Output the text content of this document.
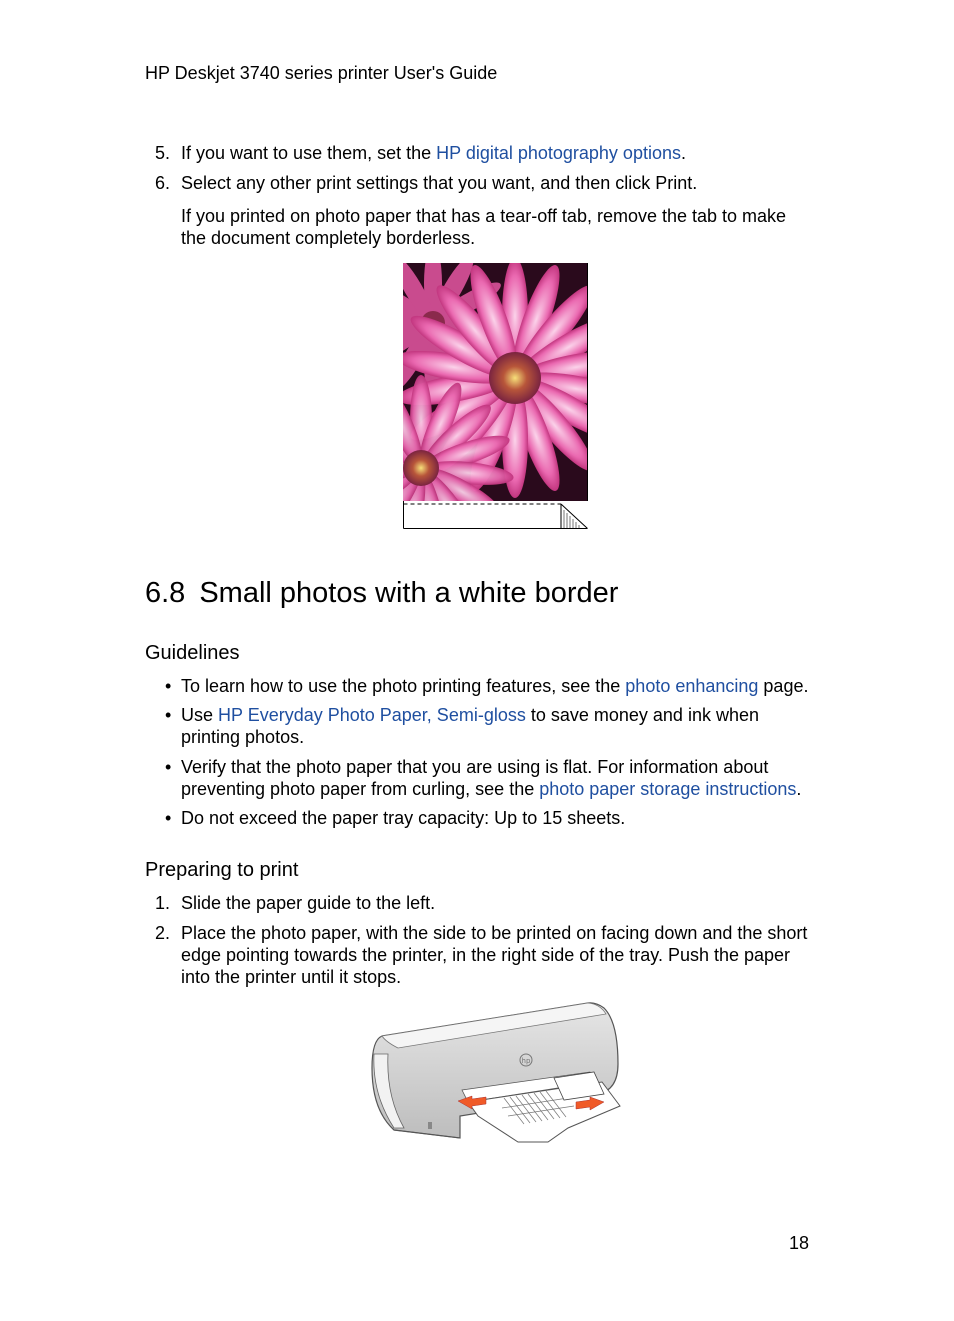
HP Deskjet 3740 series printer User's Guide
5. If you want to use them, set the HP digital photography options.
6. Select any other print settings that you want, and then click Print.
If you printed on photo paper that has a tear-off tab, remove the tab to make the document completely borderless.
6.8 Small photos with a white border
Guidelines
• To learn how to use the photo printing features, see the photo enhancing page.
• Use HP Everyday Photo Paper, Semi-gloss to save money and ink when printing photos.
• Verify that the photo paper that you are using is flat. For information about preventing photo paper from curling, see the photo paper storage instructions.
• Do not exceed the paper tray capacity: Up to 15 sheets.
Preparing to print
1. Slide the paper guide to the left.
2. Place the photo paper, with the side to be printed on facing down and the short edge pointing towards the printer, in the right side of the tray. Push the paper into the printer until it stops.
hp
18
